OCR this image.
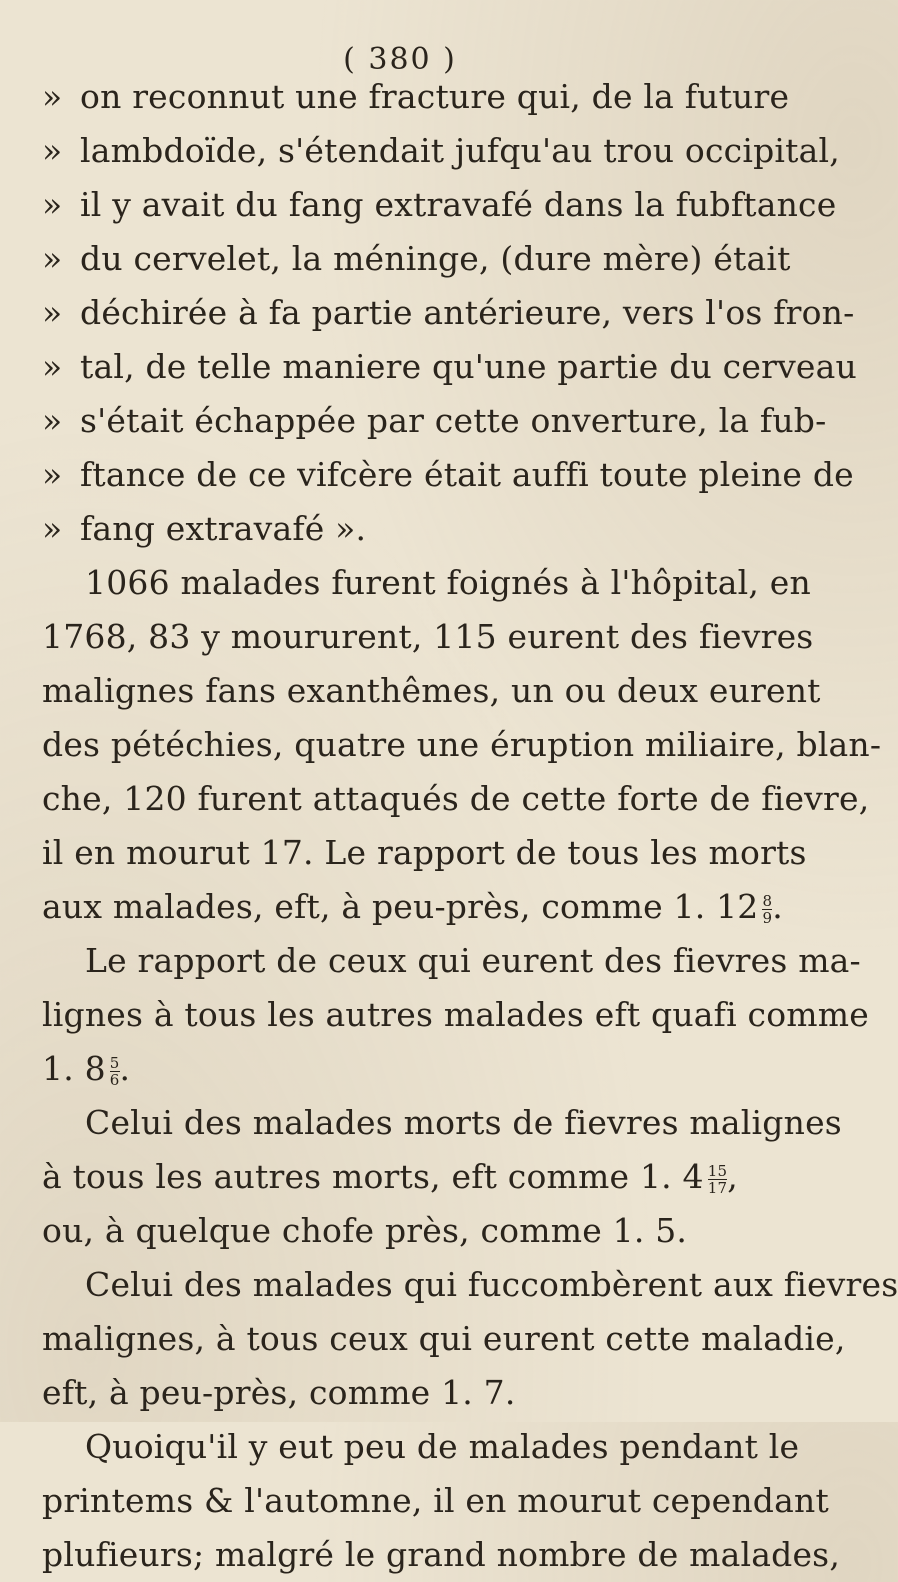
( 380 )
» on reconnut une fracture qui, de la future
» lambdoïde, s'étendait jufqu'au trou occipital,
» il y avait du fang extravafé dans la fubftance
» du cervelet, la méninge, (dure mère) était
» déchirée à fa partie antérieure, vers l'os fron-
» tal, de telle maniere qu'une partie du cerveau
» s'était échappée par cette onverture, la fub-
» ftance de ce vifcère était auffi toute pleine de
» fang extravafé ».
1066 malades furent foignés à l'hôpital, en
1768, 83 y moururent, 115 eurent des fievres
malignes fans exanthêmes, un ou deux eurent
des pétéchies, quatre une éruption miliaire, blan-
che, 120 furent attaqués de cette forte de fievre,
il en mourut 17. Le rapport de tous les morts
aux malades, eft, à peu-près, comme 1. $12 \frac{8}{9}$ .
Le rapport de ceux qui eurent des fievres ma-
lignes à tous les autres malades eft quafi comme
1. $8 \frac{5}{6}$ .
Celui des malades morts de fievres malignes
à tous les autres morts, eft comme 1. $4 \frac{15}{17}$ ,
ou, à quelque chofe près, comme 1. 5.
Celui des malades qui fuccombèrent aux fievres
malignes, à tous ceux qui eurent cette maladie,
eft, à peu-près, comme 1. 7.
Quoiqu'il y eut peu de malades pendant le
printems & l'automne, il en mourut cependant
plufieurs; malgré le grand nombre de malades,
